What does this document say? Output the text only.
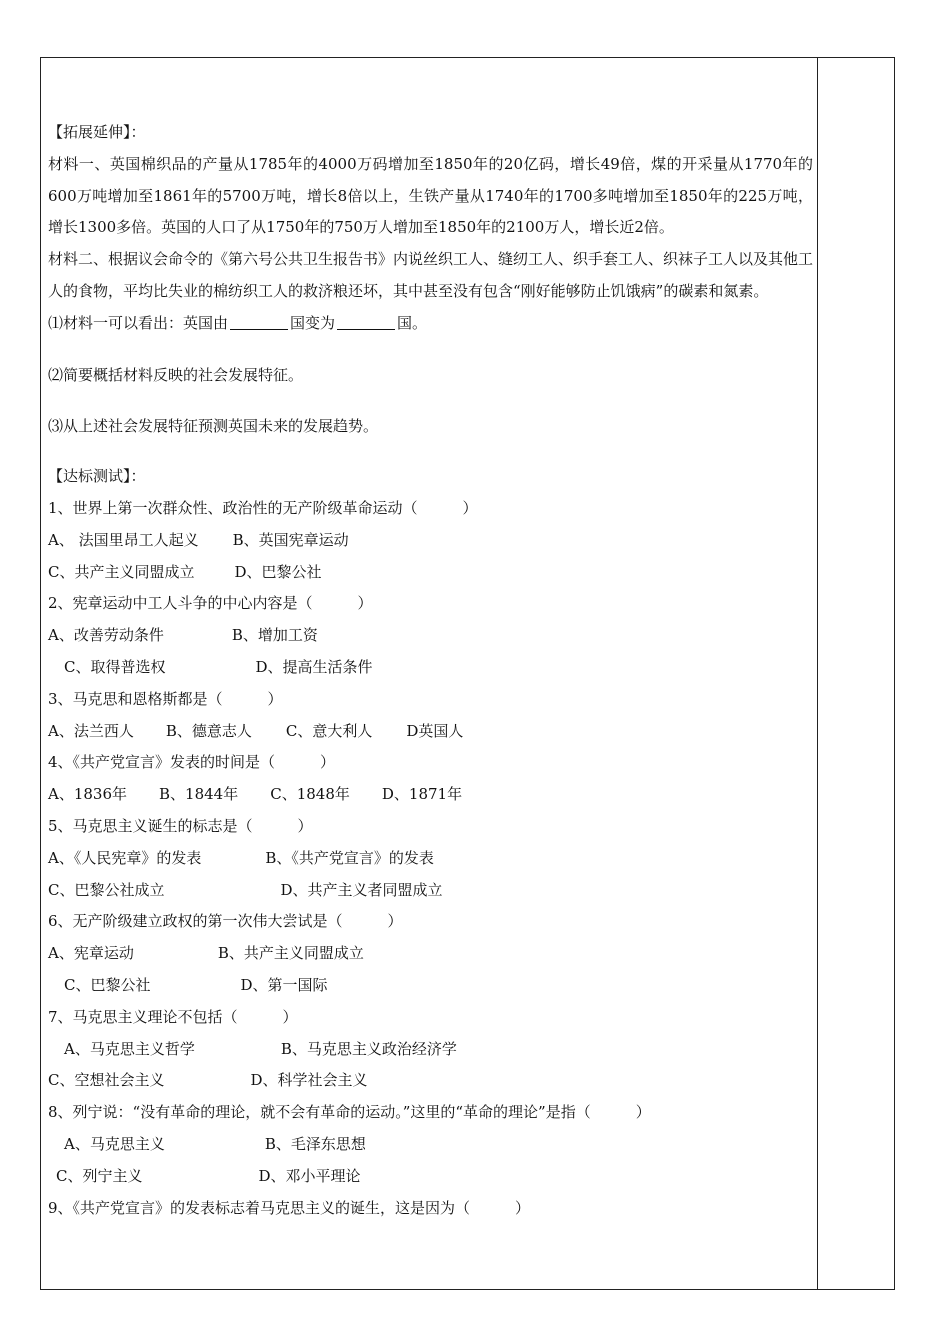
【拓展延伸】：
材料一、英国棉织品的产量从1785年的4000万码增加至1850年的20亿码，增长49倍，煤的开采量从1770年的600万吨增加至1861年的5700万吨，增长8倍以上，生铁产量从1740年的1700多吨增加至1850年的225万吨，增长1300多倍。英国的人口了从1750年的750万人增加至1850年的2100万人，增长近2倍。
材料二、根据议会命令的《第六号公共卫生报告书》内说丝织工人、缝纫工人、织手套工人、织袜子工人以及其他工人的食物，平均比失业的棉纺织工人的救济粮还坏，其中甚至没有包含“刚好能够防止饥饿病”的碳素和氮素。
⑴材料一可以看出：英国由	国变为	国。
⑵简要概括材料反映的社会发展特征。
⑶从上述社会发展特征预测英国未来的发展趋势。
【达标测试】：
1、世界上第一次群众性、政治性的无产阶级革命运动（　　　）
A、 法国里昂工人起义 B、英国宪章运动
C、共产主义同盟成立	D、巴黎公社
2、宪章运动中工人斗争的中心内容是（　　　）
A、改善劳动条件	B、增加工资
C、取得普选权	D、提高生活条件
3、马克思和恩格斯都是（　　　）
A、法兰西人 B、德意志人 C、意大利人 D英国人
4、《共产党宣言》发表的时间是（　　　）
A、1836年 B、1844年 C、1848年 D、1871年
5、马克思主义诞生的标志是（　　　）
A、《人民宪章》的发表	B、《共产党宣言》的发表
C、巴黎公社成立	D、共产主义者同盟成立
6、无产阶级建立政权的第一次伟大尝试是（　　　）
A、宪章运动	B、共产主义同盟成立
C、巴黎公社	D、第一国际
7、马克思主义理论不包括（　　　）
A、马克思主义哲学	B、马克思主义政治经济学
C、空想社会主义	D、科学社会主义
8、列宁说：“没有革命的理论，就不会有革命的运动。”这里的“革命的理论”是指（　　　）
A、马克思主义	B、毛泽东思想
C、列宁主义	D、邓小平理论
9、《共产党宣言》的发表标志着马克思主义的诞生，这是因为（　　　）
